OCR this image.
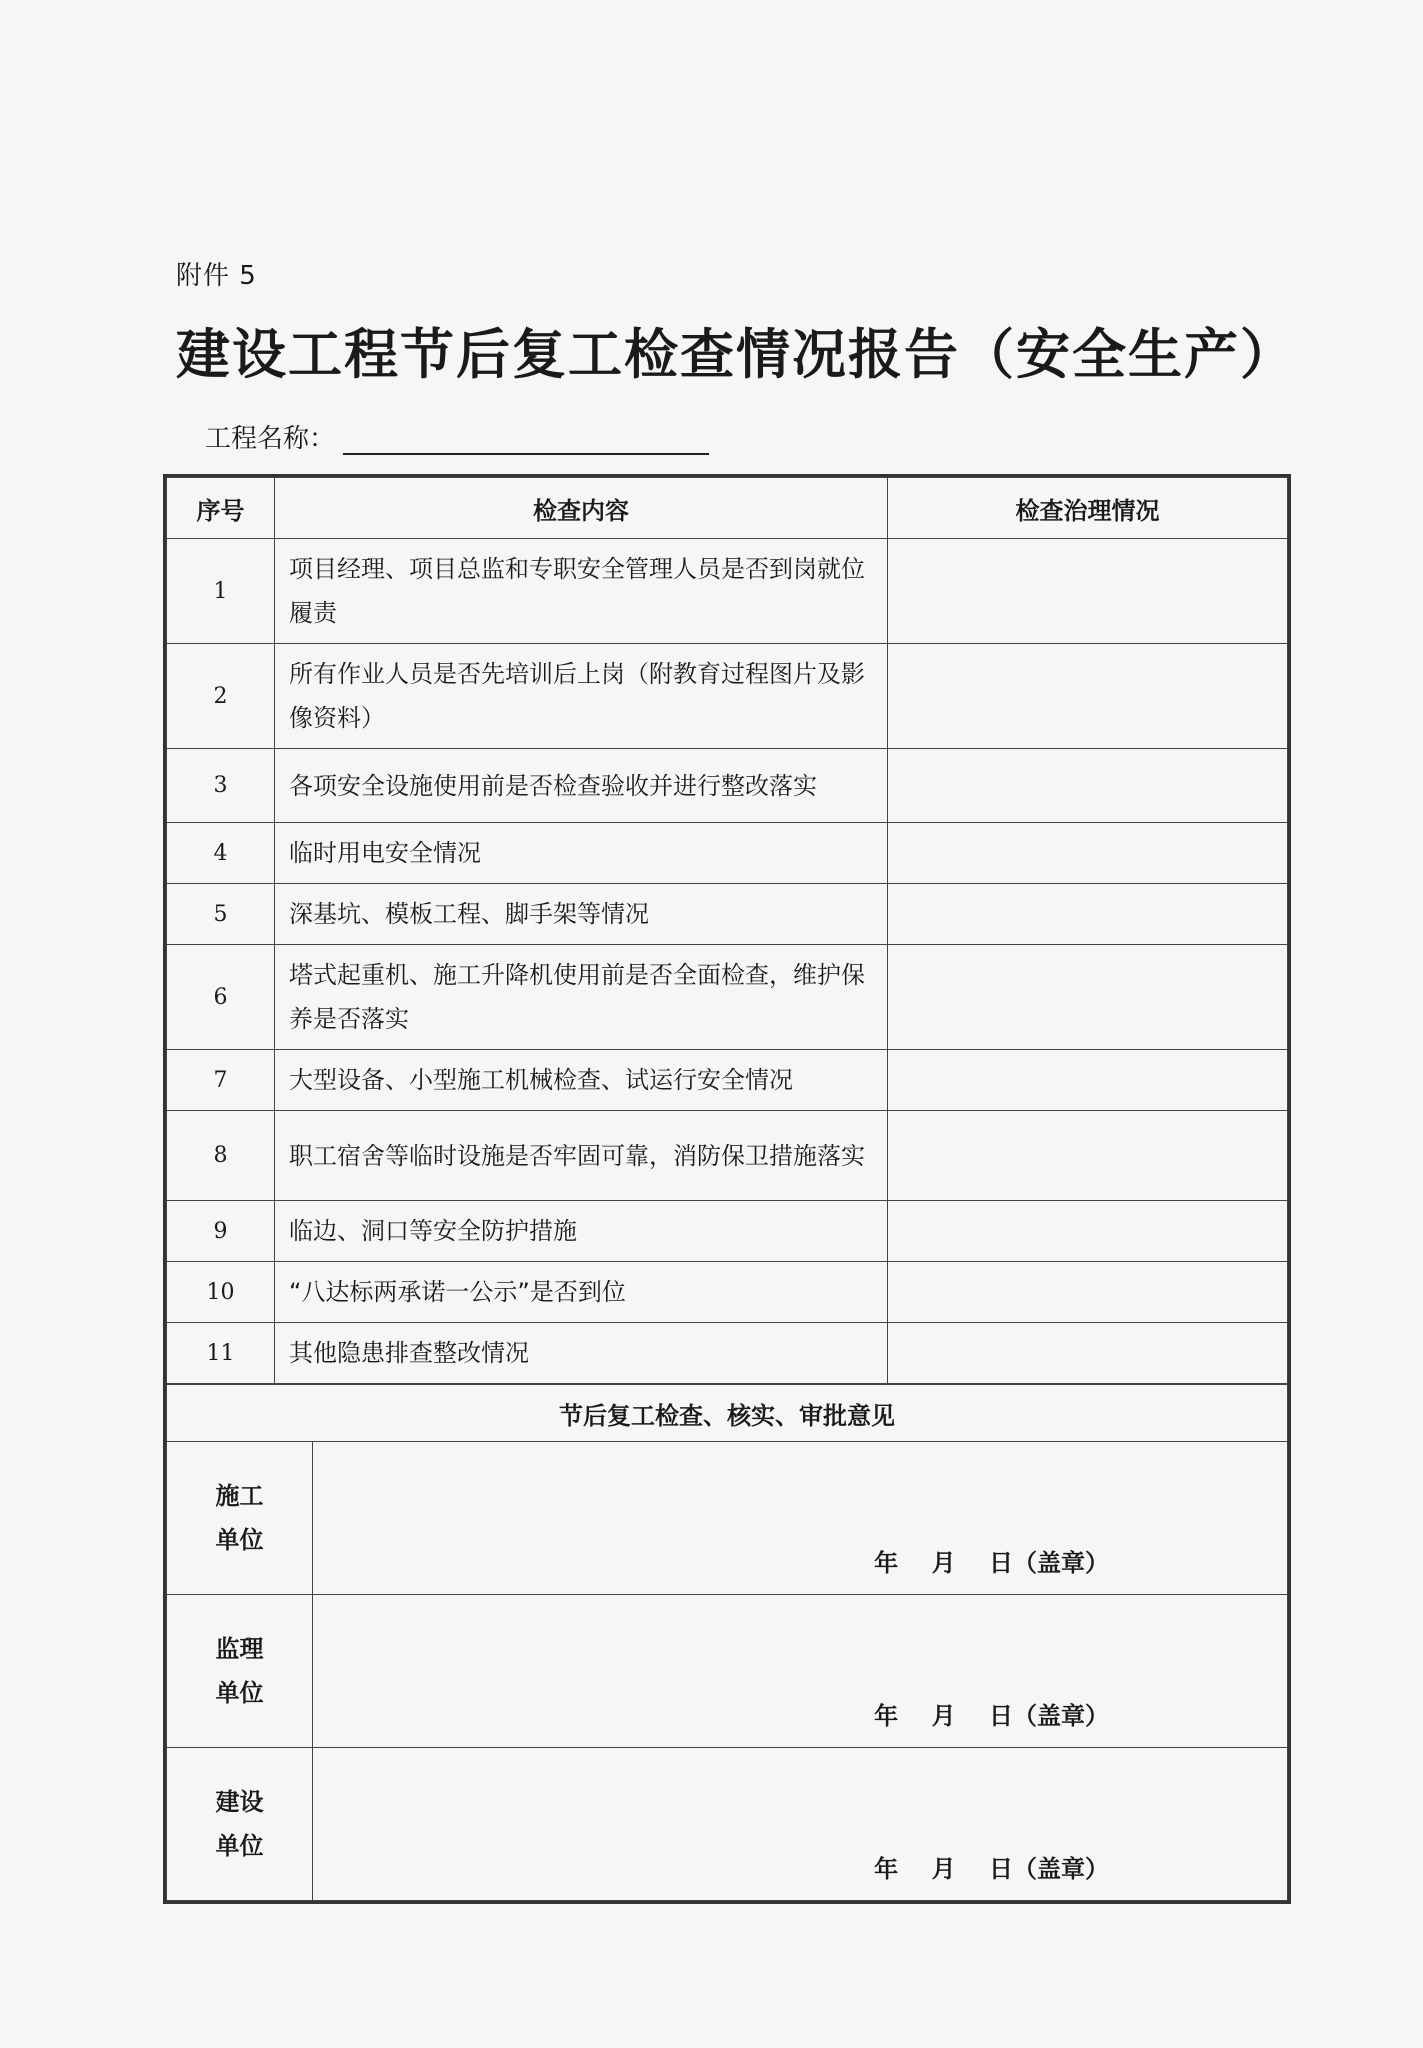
附件 5
建设工程节后复工检查情况报告（安全生产）
工程名称：
序号	检查内容	检查治理情况
1	项目经理、项目总监和专职安全管理人员是否到岗就位履责	
2	所有作业人员是否先培训后上岗（附教育过程图片及影像资料）	
3	各项安全设施使用前是否检查验收并进行整改落实	
4	临时用电安全情况	
5	深基坑、模板工程、脚手架等情况	
6	塔式起重机、施工升降机使用前是否全面检查，维护保养是否落实	
7	大型设备、小型施工机械检查、试运行安全情况	
8	职工宿舍等临时设施是否牢固可靠，消防保卫措施落实	
9	临边、洞口等安全防护措施	
10	“八达标两承诺一公示”是否到位	
11	其他隐患排查整改情况	
节后复工检查、核实、审批意见	

施工
单位	年    月    日（盖章）

监理
单位	年    月    日（盖章）

建设
单位	年    月    日（盖章）
